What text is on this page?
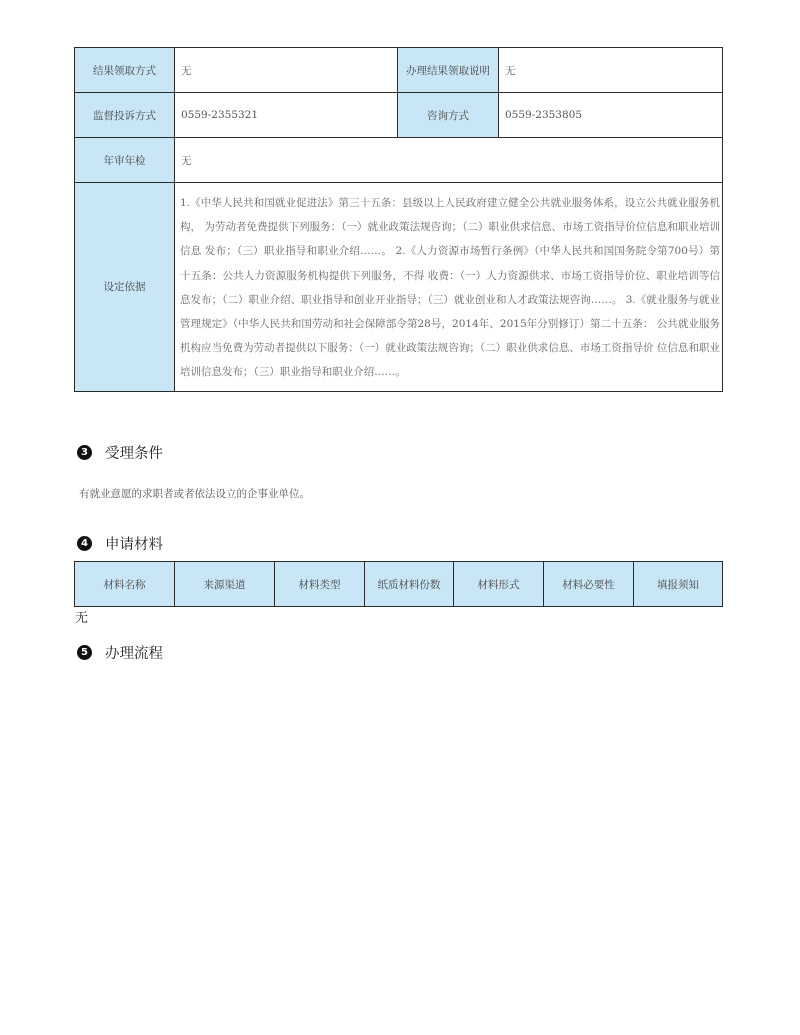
结果领取方式	无	办理结果领取说明	无
监督投诉方式	0559-2355321	咨询方式	0559-2353805
年审年检	无		
设定依据	1.《中华人民共和国就业促进法》第三十五条：县级以上人民政府建立健全公共就业服务体系，设立公共就业服务机构， 为劳动者免费提供下列服务：（一）就业政策法规咨询；（二）职业供求信息、市场工资指导价位信息和职业培训信息 发布；（三）职业指导和职业介绍……。 2.《人力资源市场暂行条例》（中华人民共和国国务院令第700号）第十五条：公共人力资源服务机构提供下列服务，不得 收费：（一）人力资源供求、市场工资指导价位、职业培训等信息发布；（二）职业介绍、职业指导和创业开业指导；（三）就业创业和人才政策法规咨询……。 3.《就业服务与就业管理规定》（中华人民共和国劳动和社会保障部令第28号，2014年、2015年分别修订）第二十五条： 公共就业服务机构应当免费为劳动者提供以下服务：（一）就业政策法规咨询；（二）职业供求信息、市场工资指导价 位信息和职业培训信息发布；（三）职业指导和职业介绍……。		
3 受理条件
有就业意愿的求职者或者依法设立的企事业单位。
4 申请材料
材料名称	来源渠道	材料类型	纸质材料份数	材料形式	材料必要性	填报须知
无
5 办理流程
